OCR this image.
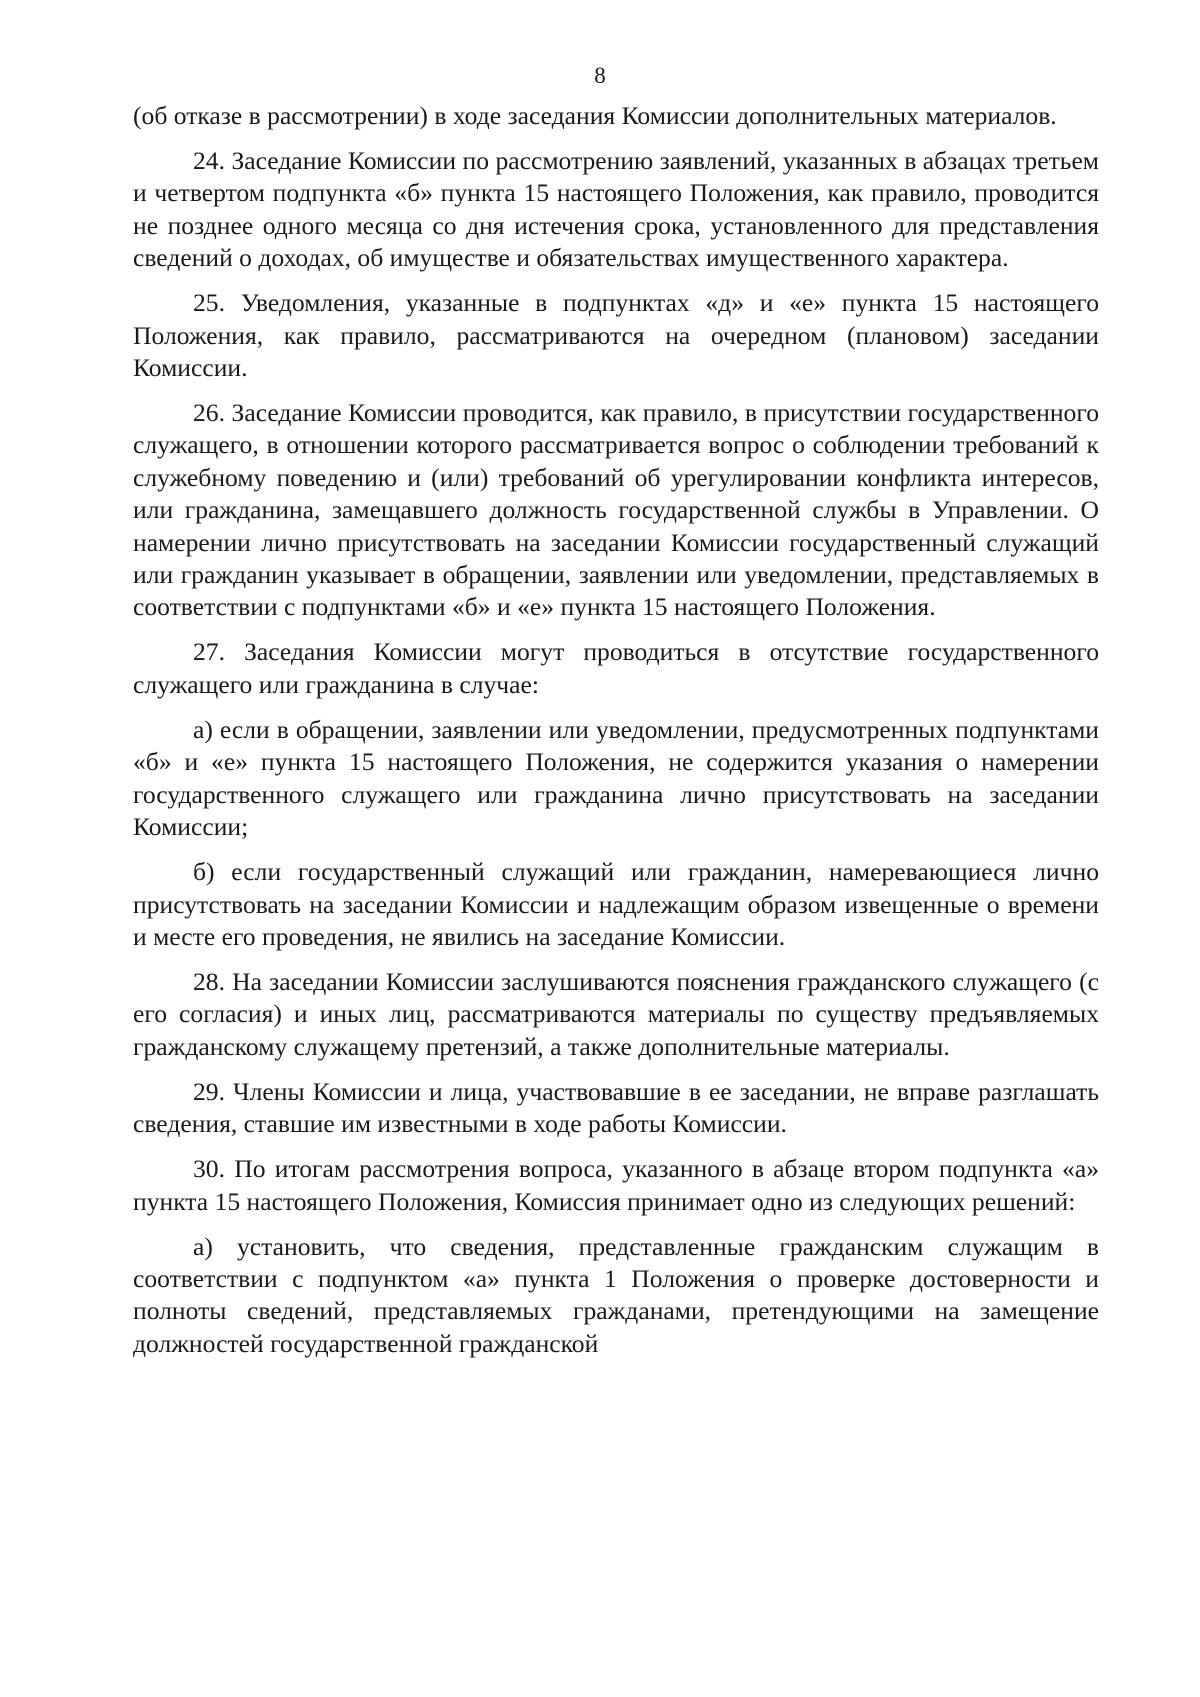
8

(об отказе в рассмотрении) в ходе заседания Комиссии дополнительных материалов.

24. Заседание Комиссии по рассмотрению заявлений, указанных в абзацах третьем и четвертом подпункта «б» пункта 15 настоящего Положения, как правило, проводится не позднее одного месяца со дня истечения срока, установленного для представления сведений о доходах, об имуществе и обязательствах имущественного характера.

25. Уведомления, указанные в подпунктах «д» и «е» пункта 15 настоящего Положения, как правило, рассматриваются на очередном (плановом) заседании Комиссии.

26. Заседание Комиссии проводится, как правило, в присутствии государственного служащего, в отношении которого рассматривается вопрос о соблюдении требований к служебному поведению и (или) требований об урегулировании конфликта интересов, или гражданина, замещавшего должность государственной службы в Управлении. О намерении лично присутствовать на заседании Комиссии государственный служащий или гражданин указывает в обращении, заявлении или уведомлении, представляемых в соответствии с подпунктами «б» и «е» пункта 15 настоящего Положения.

27. Заседания Комиссии могут проводиться в отсутствие государственного служащего или гражданина в случае:

а) если в обращении, заявлении или уведомлении, предусмотренных подпунктами «б» и «е» пункта 15 настоящего Положения, не содержится указания о намерении государственного служащего или гражданина лично присутствовать на заседании Комиссии;

б) если государственный служащий или гражданин, намеревающиеся лично присутствовать на заседании Комиссии и надлежащим образом извещенные о времени и месте его проведения, не явились на заседание Комиссии.

28. На заседании Комиссии заслушиваются пояснения гражданского служащего (с его согласия) и иных лиц, рассматриваются материалы по существу предъявляемых гражданскому служащему претензий, а также дополнительные материалы.

29. Члены Комиссии и лица, участвовавшие в ее заседании, не вправе разглашать сведения, ставшие им известными в ходе работы Комиссии.

30. По итогам рассмотрения вопроса, указанного в абзаце втором подпункта «а» пункта 15 настоящего Положения, Комиссия принимает одно из следующих решений:

а) установить, что сведения, представленные гражданским служащим в соответствии с подпунктом «а» пункта 1 Положения о проверке достоверности и полноты сведений, представляемых гражданами, претендующими на замещение должностей государственной гражданской
